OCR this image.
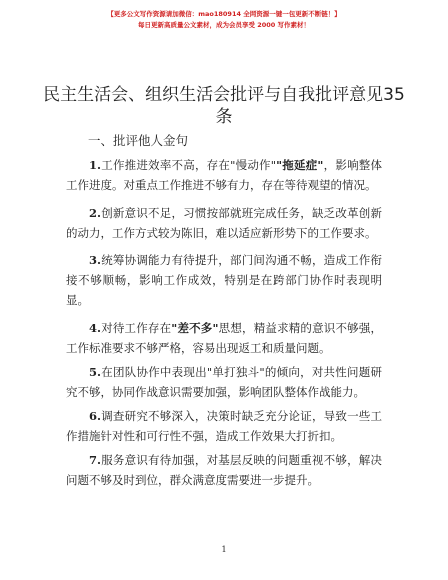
【更多公文写作资源请加微信：mao180914 全网资源一键一包更新不断链！】
每日更新高质量公文素材，成为会员享受 2000 写作素材！
民主生活会、组织生活会批评与自我批评意见35条
一、批评他人金句
1.工作推进效率不高，存在"慢动作""拖延症"，影响整体工作进度。对重点工作推进不够有力，存在等待观望的情况。
2.创新意识不足，习惯按部就班完成任务，缺乏改革创新的动力，工作方式较为陈旧，难以适应新形势下的工作要求。
3.统筹协调能力有待提升，部门间沟通不畅，造成工作衔接不够顺畅，影响工作成效，特别是在跨部门协作时表现明显。
4.对待工作存在"差不多"思想，精益求精的意识不够强，工作标准要求不够严格，容易出现返工和质量问题。
5.在团队协作中表现出"单打独斗"的倾向，对共性问题研究不够，协同作战意识需要加强，影响团队整体作战能力。
6.调查研究不够深入，决策时缺乏充分论证，导致一些工作措施针对性和可行性不强，造成工作效果大打折扣。
7.服务意识有待加强，对基层反映的问题重视不够，解决问题不够及时到位，群众满意度需要进一步提升。
1
